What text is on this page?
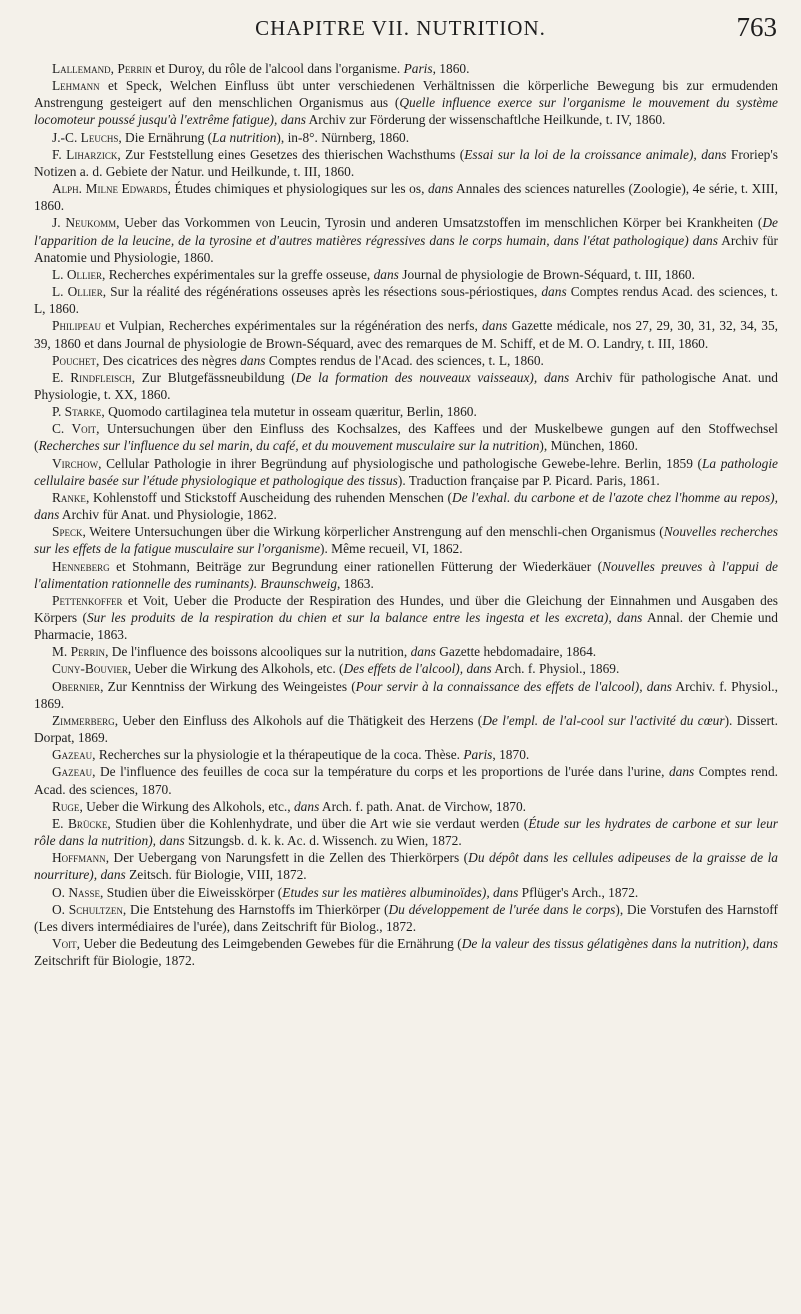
CHAPITRE VII. NUTRITION.	763

Lallemand, Perrin et Duroy, du rôle de l'alcool dans l'organisme. Paris, 1860.

Lehmann et Speck, Welchen Einfluss übt unter verschiedenen Verhältnissen die körperliche Bewegung bis zur ermudenden Anstrengung gesteigert auf den menschlichen Organismus aus (Quelle influence exerce sur l'organisme le mouvement du système locomoteur poussé jusqu'à l'extrême fatigue), dans Archiv zur Förderung der wissenschaftlche Heilkunde, t. IV, 1860.

J.-C. Leuchs, Die Ernährung (La nutrition), in-8°. Nürnberg, 1860.

F. Liharzick, Zur Feststellung eines Gesetzes des thierischen Wachsthums (Essai sur la loi de la croissance animale), dans Froriep's Notizen a. d. Gebiete der Natur. und Heilkunde, t. III, 1860.

Alph. Milne Edwards, Études chimiques et physiologiques sur les os, dans Annales des sciences naturelles (Zoologie), 4e série, t. XIII, 1860.

J. Neukomm, Ueber das Vorkommen von Leucin, Tyrosin und anderen Umsatzstoffen im menschlichen Körper bei Krankheiten (De l'apparition de la leucine, de la tyrosine et d'autres matières régressives dans le corps humain, dans l'état pathologique) dans Archiv für Anatomie und Physiologie, 1860.

L. Ollier, Recherches expérimentales sur la greffe osseuse, dans Journal de physiologie de Brown-Séquard, t. III, 1860.

L. Ollier, Sur la réalité des régénérations osseuses après les résections sous-périostiques, dans Comptes rendus Acad. des sciences, t. L, 1860.

Philipeau et Vulpian, Recherches expérimentales sur la régénération des nerfs, dans Gazette médicale, nos 27, 29, 30, 31, 32, 34, 35, 39, 1860 et dans Journal de physiologie de Brown-Séquard, avec des remarques de M. Schiff, et de M. O. Landry, t. III, 1860.

Pouchet, Des cicatrices des nègres dans Comptes rendus de l'Acad. des sciences, t. L, 1860.

E. Rindfleisch, Zur Blutgefässneubildung (De la formation des nouveaux vaisseaux), dans Archiv für pathologische Anat. und Physiologie, t. XX, 1860.

P. Starke, Quomodo cartilaginea tela mutetur in osseam quæritur, Berlin, 1860.

C. Voit, Untersuchungen über den Einfluss des Kochsalzes, des Kaffees und der Muskelbewe gungen auf den Stoffwechsel (Recherches sur l'influence du sel marin, du café, et du mouvement musculaire sur la nutrition), München, 1860.

Virchow, Cellular Pathologie in ihrer Begründung auf physiologische und pathologische Gewebe-lehre. Berlin, 1859 (La pathologie cellulaire basée sur l'étude physiologique et pathologique des tissus). Traduction française par P. Picard. Paris, 1861.

Ranke, Kohlenstoff und Stickstoff Auscheidung des ruhenden Menschen (De l'exhal. du carbone et de l'azote chez l'homme au repos), dans Archiv für Anat. und Physiologie, 1862.

Speck, Weitere Untersuchungen über die Wirkung körperlicher Anstrengung auf den menschli-chen Organismus (Nouvelles recherches sur les effets de la fatigue musculaire sur l'organisme). Même recueil, VI, 1862.

Henneberg et Stohmann, Beiträge zur Begrundung einer rationellen Fütterung der Wiederkäuer (Nouvelles preuves à l'appui de l'alimentation rationnelle des ruminants). Braunschweig, 1863.

Pettenkoffer et Voit, Ueber die Producte der Respiration des Hundes, und über die Gleichung der Einnahmen und Ausgaben des Körpers (Sur les produits de la respiration du chien et sur la balance entre les ingesta et les excreta), dans Annal. der Chemie und Pharmacie, 1863.

M. Perrin, De l'influence des boissons alcooliques sur la nutrition, dans Gazette hebdomadaire, 1864.

Cuny-Bouvier, Ueber die Wirkung des Alkohols, etc. (Des effets de l'alcool), dans Arch. f. Physiol., 1869.

Obernier, Zur Kenntniss der Wirkung des Weingeistes (Pour servir à la connaissance des effets de l'alcool), dans Archiv. f. Physiol., 1869.

Zimmerberg, Ueber den Einfluss des Alkohols auf die Thätigkeit des Herzens (De l'empl. de l'al-cool sur l'activité du cœur). Dissert. Dorpat, 1869.

Gazeau, Recherches sur la physiologie et la thérapeutique de la coca. Thèse. Paris, 1870.

Gazeau, De l'influence des feuilles de coca sur la température du corps et les proportions de l'urée dans l'urine, dans Comptes rend. Acad. des sciences, 1870.

Ruge, Ueber die Wirkung des Alkohols, etc., dans Arch. f. path. Anat. de Virchow, 1870.

E. Brücke, Studien über die Kohlenhydrate, und über die Art wie sie verdaut werden (Étude sur les hydrates de carbone et sur leur rôle dans la nutrition), dans Sitzungsb. d. k. k. Ac. d. Wissench. zu Wien, 1872.

Hoffmann, Der Uebergang von Narungsfett in die Zellen des Thierkörpers (Du dépôt dans les cellules adipeuses de la graisse de la nourriture), dans Zeitsch. für Biologie, VIII, 1872.

O. Nasse, Studien über die Eiweisskörper (Etudes sur les matières albuminoïdes), dans Pflüger's Arch., 1872.

O. Schultzen, Die Entstehung des Harnstoffs im Thierkörper (Du développement de l'urée dans le corps), Die Vorstufen des Harnstoff (Les divers intermédiaires de l'urée), dans Zeitschrift für Biolog., 1872.

Voit, Ueber die Bedeutung des Leimgebenden Gewebes für die Ernährung (De la valeur des tissus gélatigènes dans la nutrition), dans Zeitschrift für Biologie, 1872.
